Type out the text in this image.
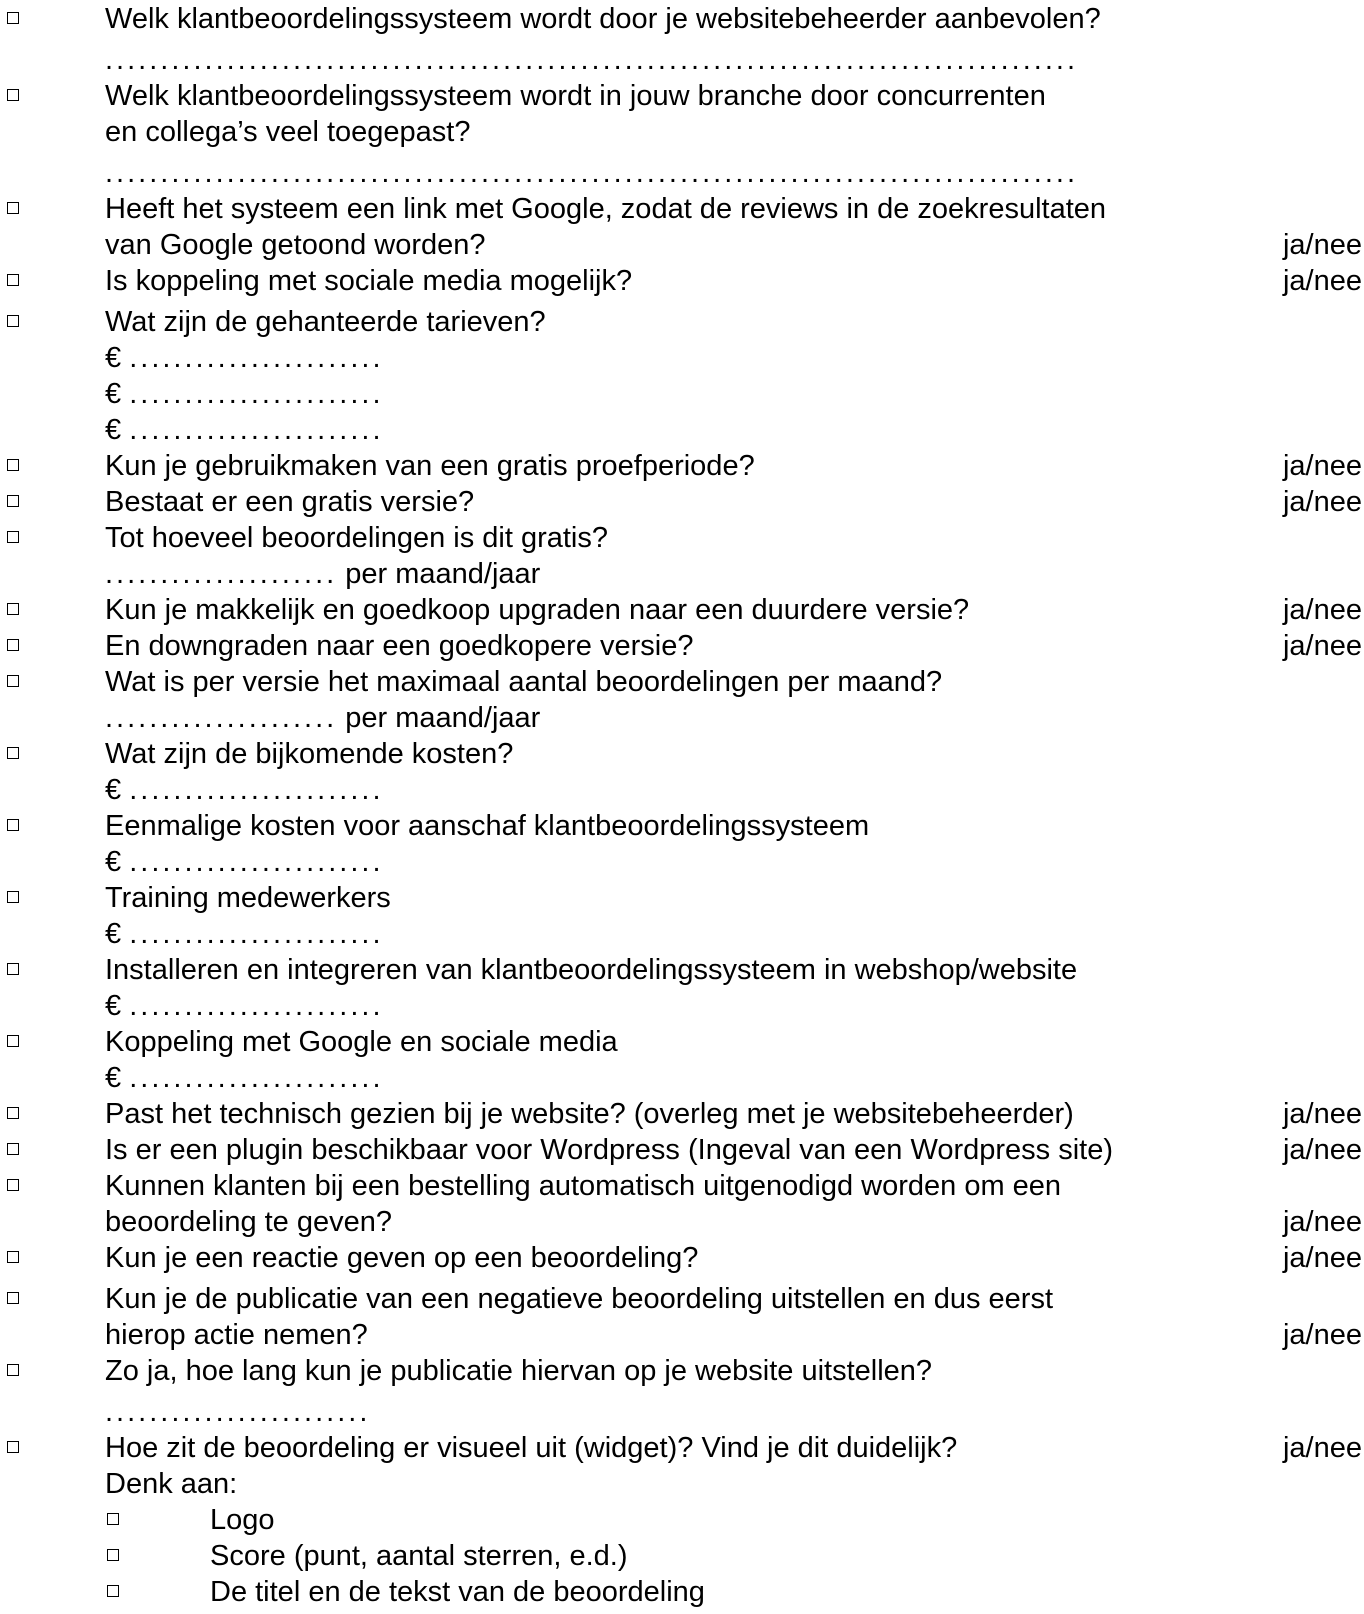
Welk klantbeoordelingssysteem wordt door je websitebeheerder aanbevolen?
........................................................................................
Welk klantbeoordelingssysteem wordt in jouw branche door concurrenten
en collega’s veel toegepast?
........................................................................................
Heeft het systeem een link met Google, zodat de reviews in de zoekresultaten
van Google getoond worden?	ja/nee
Is koppeling met sociale media mogelijk?	ja/nee
Wat zijn de gehanteerde tarieven?
€ .......................
€ .......................
€ .......................
Kun je gebruikmaken van een gratis proefperiode?	ja/nee
Bestaat er een gratis versie?	ja/nee
Tot hoeveel beoordelingen is dit gratis?
..................... per maand/jaar
Kun je makkelijk en goedkoop upgraden naar een duurdere versie?	ja/nee
En downgraden naar een goedkopere versie?	ja/nee
Wat is per versie het maximaal aantal beoordelingen per maand?
..................... per maand/jaar
Wat zijn de bijkomende kosten?
€ .......................
Eenmalige kosten voor aanschaf klantbeoordelingssysteem
€ .......................
Training medewerkers
€ .......................
Installeren en integreren van klantbeoordelingssysteem in webshop/website
€ .......................
Koppeling met Google en sociale media
€ .......................
Past het technisch gezien bij je website? (overleg met je websitebeheerder)	ja/nee
Is er een plugin beschikbaar voor Wordpress (Ingeval van een Wordpress site)	ja/nee
Kunnen klanten bij een bestelling automatisch uitgenodigd worden om een
beoordeling te geven?	ja/nee
Kun je een reactie geven op een beoordeling?	ja/nee
Kun je de publicatie van een negatieve beoordeling uitstellen en dus eerst
hierop actie nemen?	ja/nee
Zo ja, hoe lang kun je publicatie hiervan op je website uitstellen?
........................
Hoe zit de beoordeling er visueel uit (widget)? Vind je dit duidelijk?	ja/nee
Denk aan:
Logo
Score (punt, aantal sterren, e.d.)
De titel en de tekst van de beoordeling
